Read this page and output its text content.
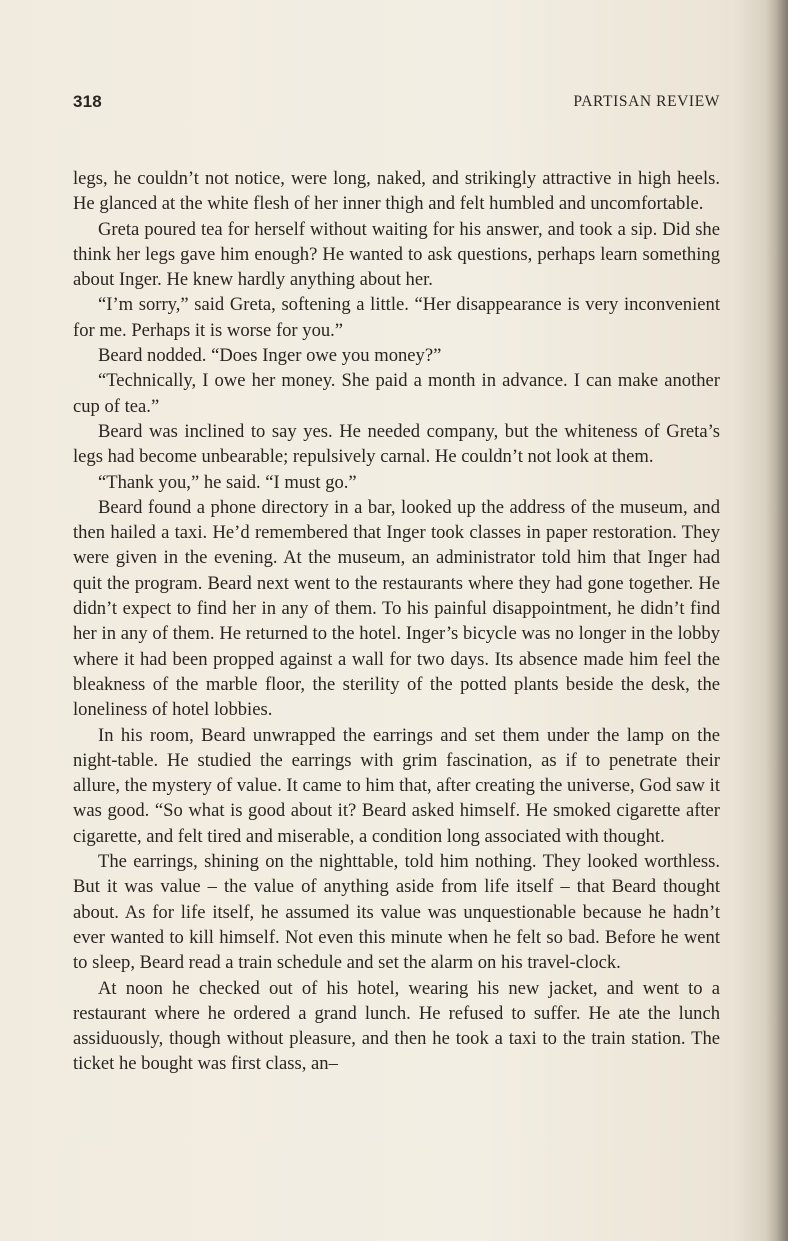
318	PARTISAN REVIEW

legs, he couldn’t not notice, were long, naked, and strikingly attractive in high heels. He glanced at the white flesh of her inner thigh and felt humbled and uncomfortable.

Greta poured tea for herself without waiting for his answer, and took a sip. Did she think her legs gave him enough? He wanted to ask questions, perhaps learn something about Inger. He knew hardly anything about her.

“I’m sorry,” said Greta, softening a little. “Her disappearance is very inconvenient for me. Perhaps it is worse for you.”

Beard nodded. “Does Inger owe you money?”

“Technically, I owe her money. She paid a month in advance. I can make another cup of tea.”

Beard was inclined to say yes. He needed company, but the whiteness of Greta’s legs had become unbearable; repulsively carnal. He couldn’t not look at them.

“Thank you,” he said. “I must go.”

Beard found a phone directory in a bar, looked up the address of the museum, and then hailed a taxi. He’d remembered that Inger took classes in paper restoration. They were given in the evening. At the museum, an administrator told him that Inger had quit the program. Beard next went to the restaurants where they had gone together. He didn’t expect to find her in any of them. To his painful disappointment, he didn’t find her in any of them. He returned to the hotel. Inger’s bicycle was no longer in the lobby where it had been propped against a wall for two days. Its absence made him feel the bleakness of the marble floor, the sterility of the potted plants beside the desk, the loneliness of hotel lobbies.

In his room, Beard unwrapped the earrings and set them under the lamp on the night-table. He studied the earrings with grim fascination, as if to penetrate their allure, the mystery of value. It came to him that, after creating the universe, God saw it was good. “So what is good about it? Beard asked himself. He smoked cigarette after cigarette, and felt tired and miserable, a condition long associated with thought.

The earrings, shining on the nighttable, told him nothing. They looked worthless. But it was value – the value of anything aside from life itself – that Beard thought about. As for life itself, he assumed its value was unquestionable because he hadn’t ever wanted to kill himself. Not even this minute when he felt so bad. Before he went to sleep, Beard read a train schedule and set the alarm on his travel-clock.

At noon he checked out of his hotel, wearing his new jacket, and went to a restaurant where he ordered a grand lunch. He refused to suffer. He ate the lunch assiduously, though without pleasure, and then he took a taxi to the train station. The ticket he bought was first class, an–
